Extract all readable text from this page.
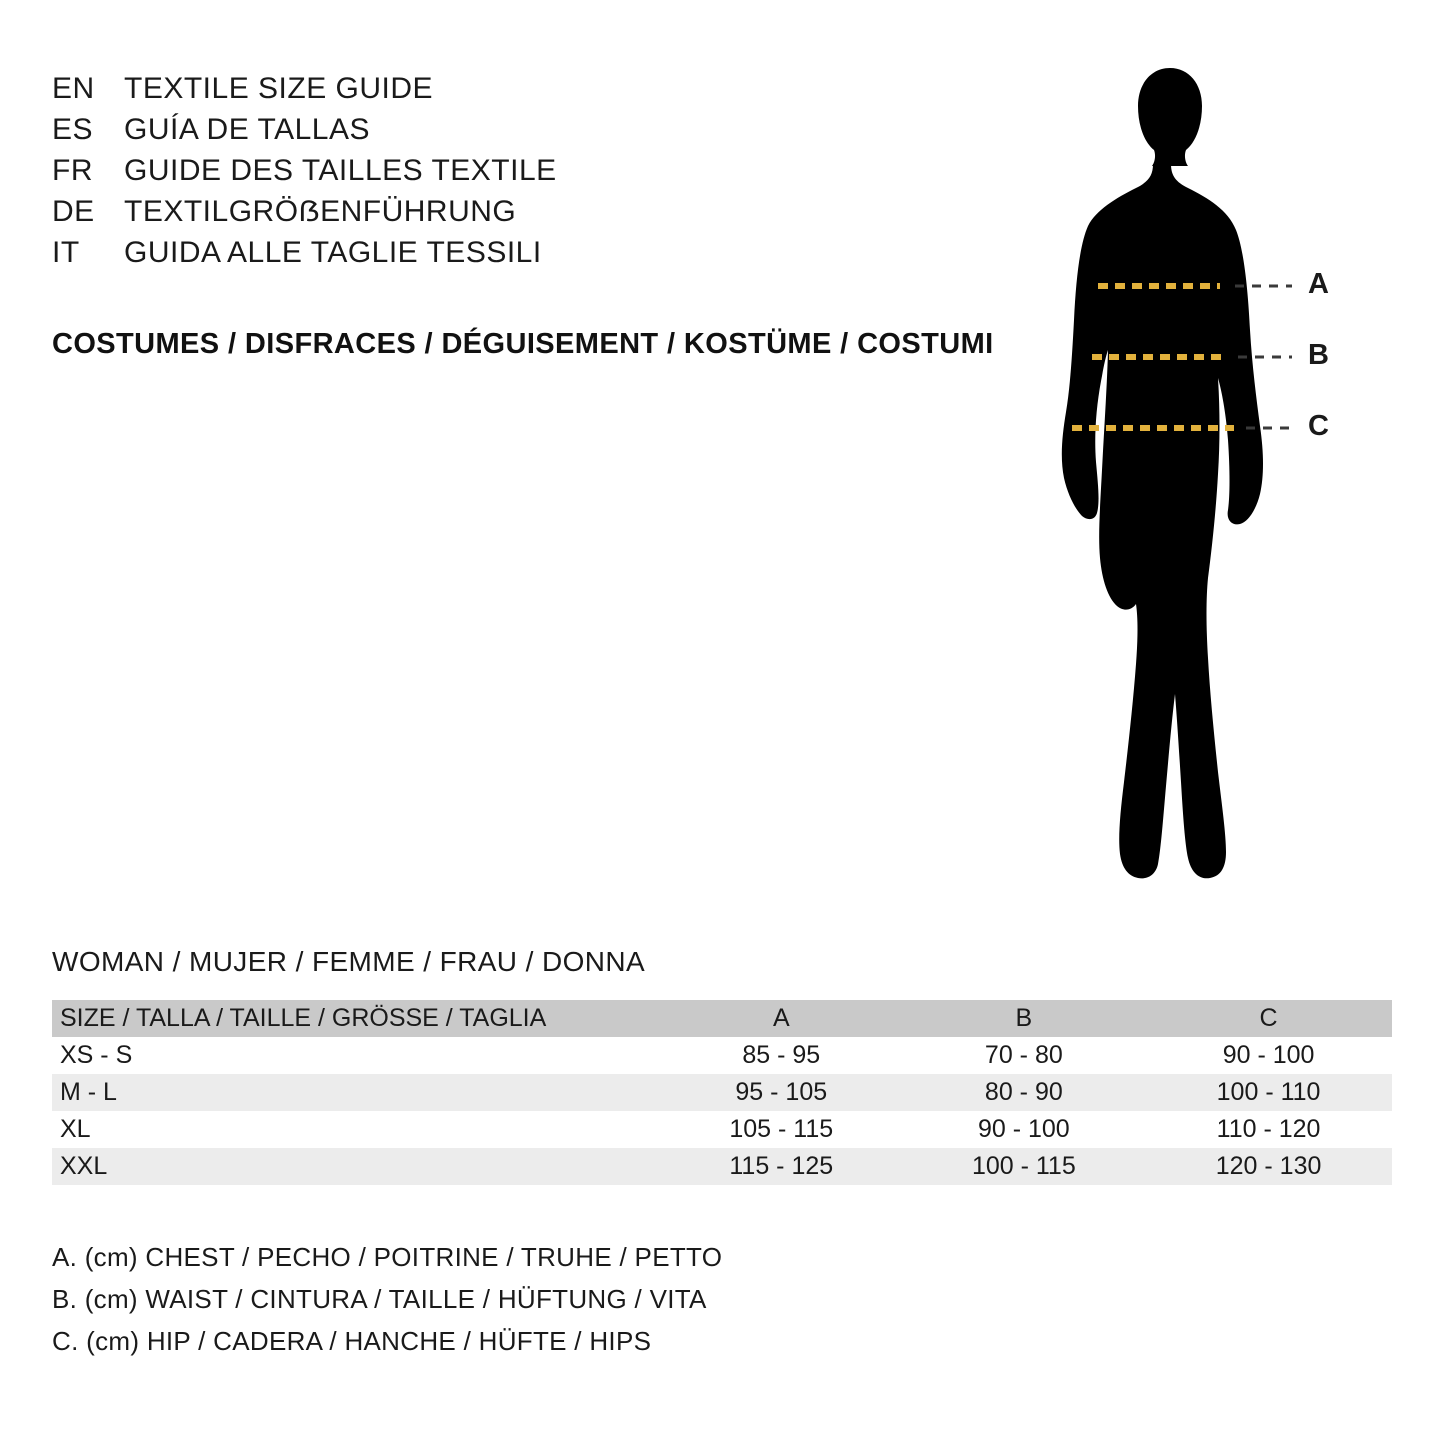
EN TEXTILE SIZE GUIDE
ES	GUÍA DE TALLAS
FR	GUIDE DES TAILLES TEXTILE
DE TEXTILGRÖẞENFÜHRUNG
IT	GUIDA ALLE TAGLIE TESSILI
COSTUMES / DISFRACES / DÉGUISEMENT / KOSTÜME / COSTUMI
A
B
C
WOMAN / MUJER / FEMME / FRAU / DONNA
SIZE / TALLA / TAILLE / GRÖSSE / TAGLIA	A	B	C
XS - S	85 - 95	70 - 80	90 - 100
M - L	95 - 105	80 - 90	100 - 110
XL	105 - 115	90 - 100	110 - 120
XXL	115 - 125	100 - 115	120 - 130
A. (cm) CHEST / PECHO / POITRINE / TRUHE / PETTO
B. (cm) WAIST / CINTURA / TAILLE / HÜFTUNG / VITA
C. (cm) HIP / CADERA / HANCHE / HÜFTE / HIPS
